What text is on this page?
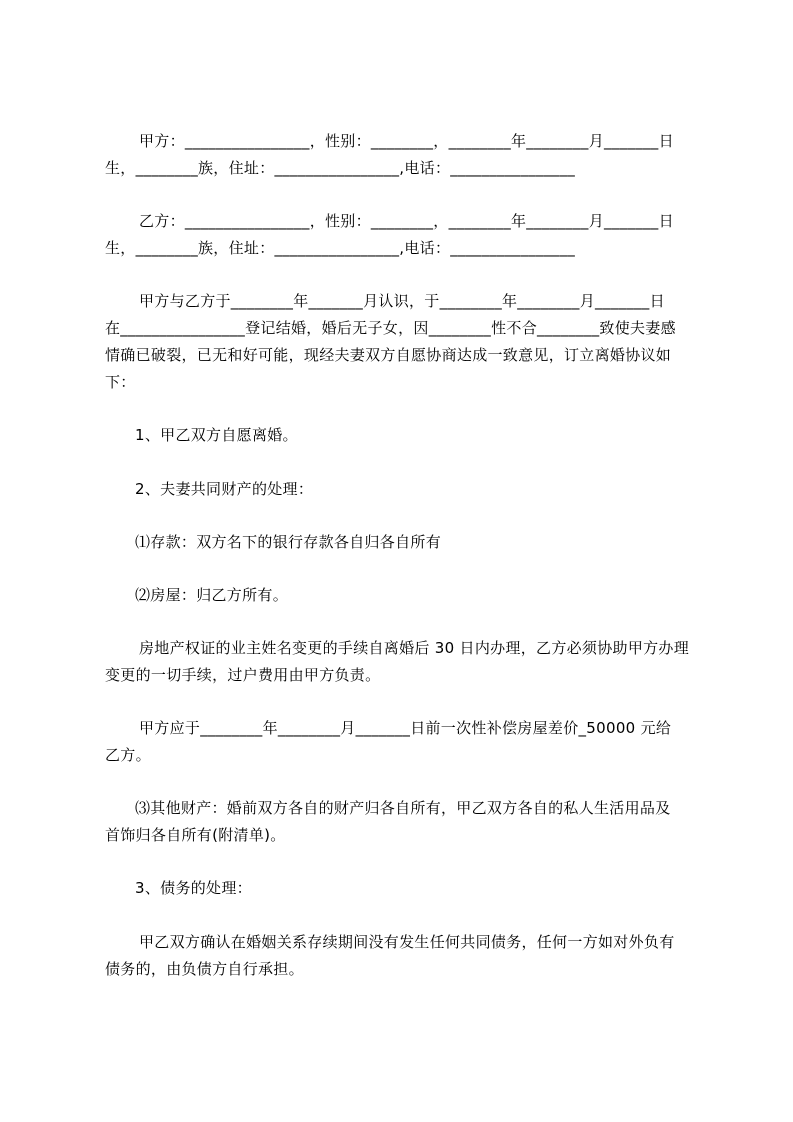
甲方：________________，性别：________，________年________月_______日
生，________族，住址：________________,电话：________________
乙方：________________，性别：________，________年________月_______日
生，________族，住址：________________,电话：________________
甲方与乙方于________年_______月认识，于________年________月_______日
在________________登记结婚，婚后无子女，因________性不合________致使夫妻感
情确已破裂，已无和好可能，现经夫妻双方自愿协商达成一致意见，订立离婚协议如
下：
1、甲乙双方自愿离婚。
2、夫妻共同财产的处理：
⑴存款：双方名下的银行存款各自归各自所有
⑵房屋：归乙方所有。
房地产权证的业主姓名变更的手续自离婚后 30 日内办理，乙方必须协助甲方办理
变更的一切手续，过户费用由甲方负责。
甲方应于________年________月_______日前一次性补偿房屋差价_50000 元给
乙方。
⑶其他财产：婚前双方各自的财产归各自所有，甲乙双方各自的私人生活用品及
首饰归各自所有(附清单)。
3、债务的处理：
甲乙双方确认在婚姻关系存续期间没有发生任何共同债务，任何一方如对外负有
债务的，由负债方自行承担。
